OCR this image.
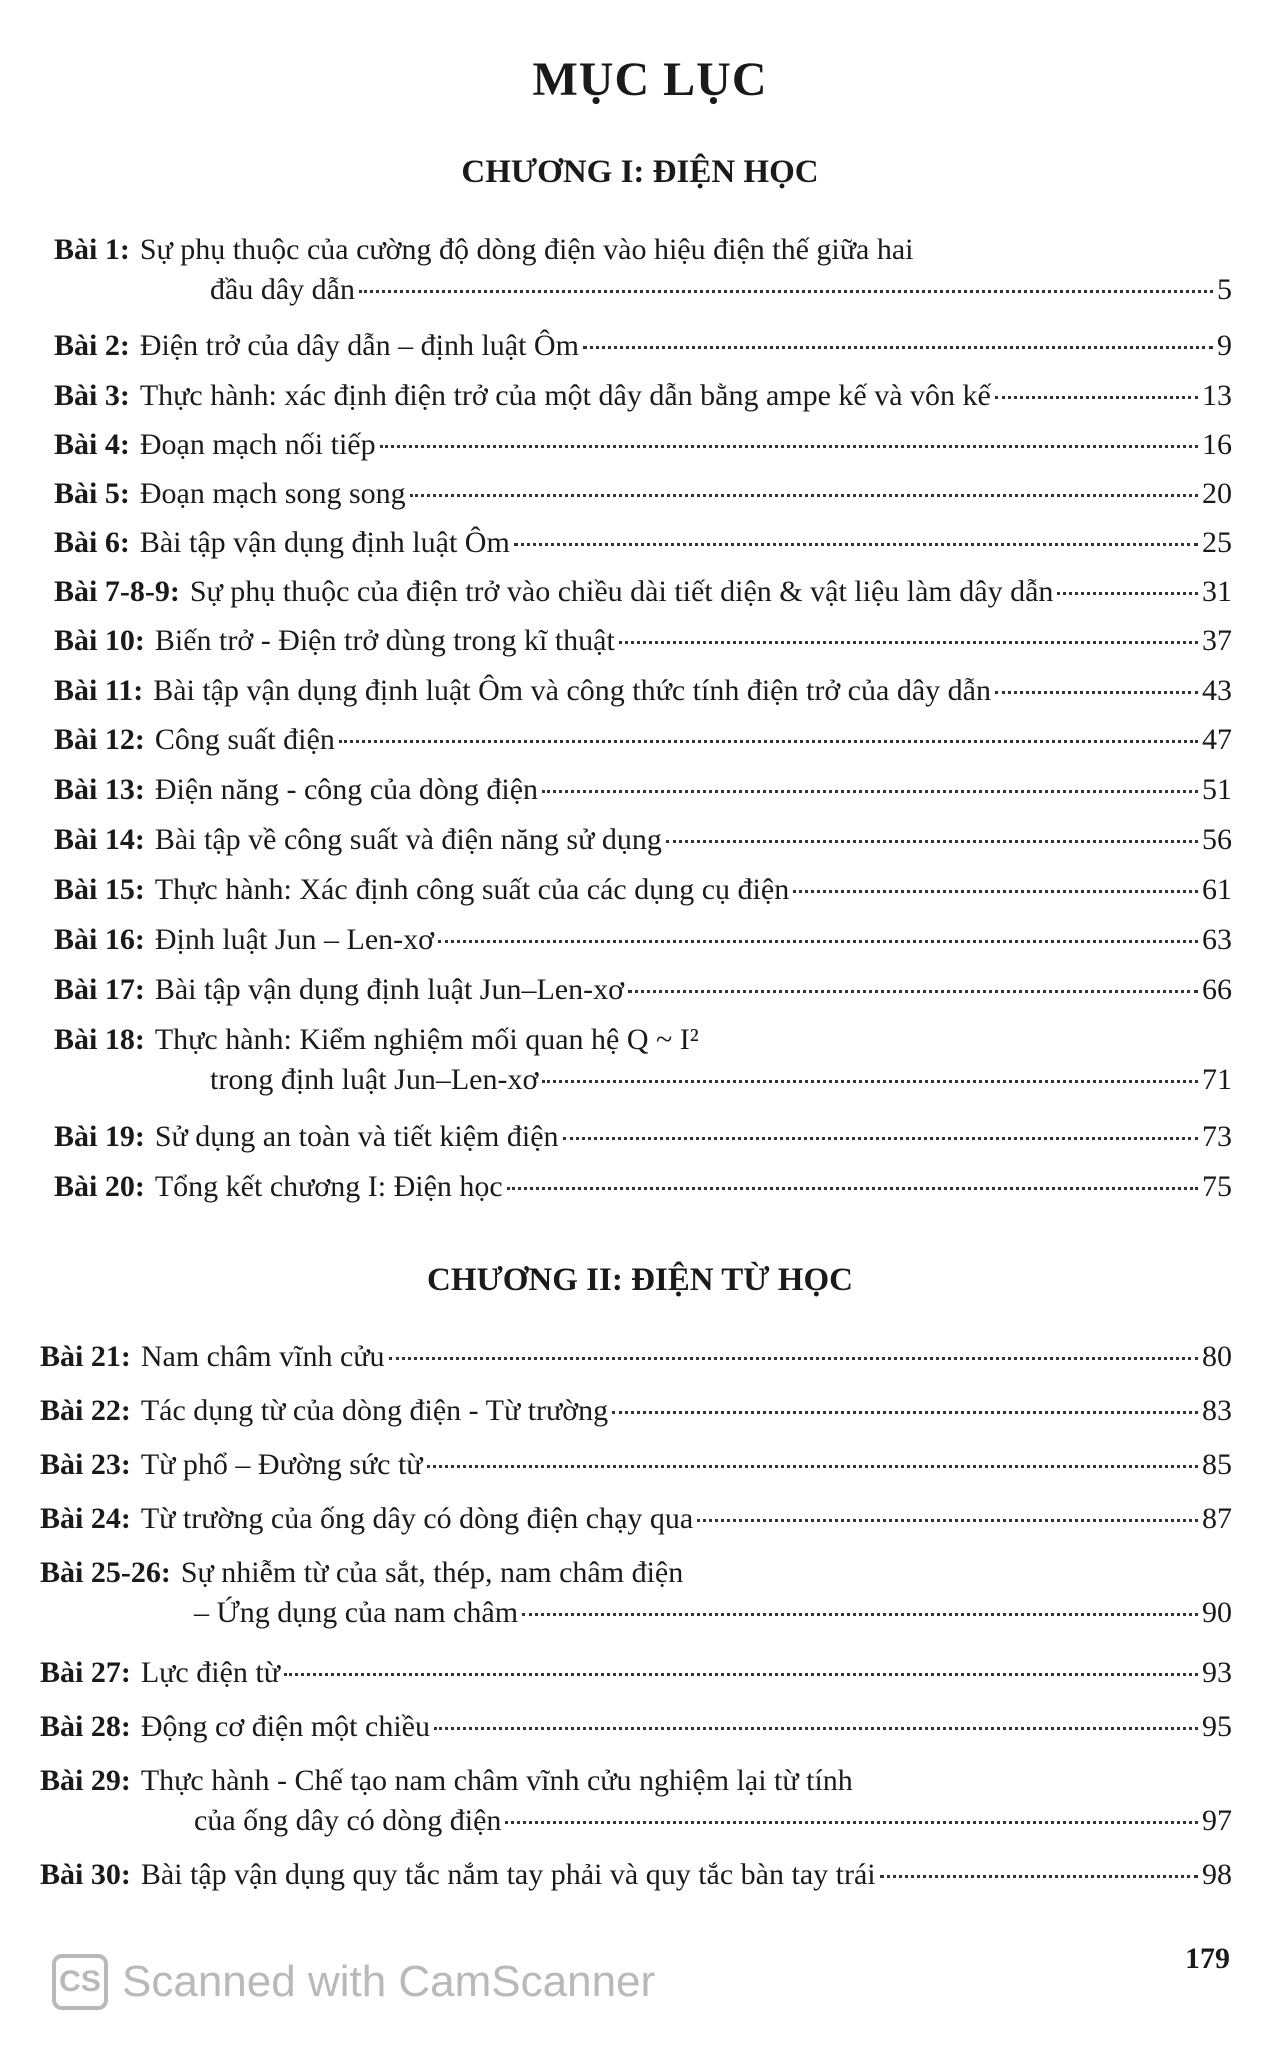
MỤC LỤC
CHƯƠNG I: ĐIỆN HỌC
Bài 1: Sự phụ thuộc của cường độ dòng điện vào hiệu điện thế giữa hai
đầu dây dẫn	5
Bài 2: Điện trở của dây dẫn – định luật Ôm	9
Bài 3: Thực hành: xác định điện trở của một dây dẫn bằng ampe kế và vôn kế	13
Bài 4: Đoạn mạch nối tiếp	16
Bài 5: Đoạn mạch song song	20
Bài 6: Bài tập vận dụng định luật Ôm	25
Bài 7-8-9: Sự phụ thuộc của điện trở vào chiều dài tiết diện & vật liệu làm dây dẫn	31
Bài 10: Biến trở - Điện trở dùng trong kĩ thuật	37
Bài 11: Bài tập vận dụng định luật Ôm và công thức tính điện trở của dây dẫn	43
Bài 12: Công suất điện	47
Bài 13: Điện năng - công của dòng điện	51
Bài 14: Bài tập về công suất và điện năng sử dụng	56
Bài 15: Thực hành: Xác định công suất của các dụng cụ điện	61
Bài 16: Định luật Jun – Len-xơ	63
Bài 17: Bài tập vận dụng định luật Jun–Len-xơ	66
Bài 18: Thực hành: Kiểm nghiệm mối quan hệ Q ~ I²
trong định luật Jun–Len-xơ	71
Bài 19: Sử dụng an toàn và tiết kiệm điện	73
Bài 20: Tổng kết chương I: Điện học	75
CHƯƠNG II: ĐIỆN TỪ HỌC
Bài 21: Nam châm vĩnh cửu	80
Bài 22: Tác dụng từ của dòng điện - Từ trường	83
Bài 23: Từ phổ – Đường sức từ	85
Bài 24: Từ trường của ống dây có dòng điện chạy qua	87
Bài 25-26: Sự nhiễm từ của sắt, thép, nam châm điện
– Ứng dụng của nam châm	90
Bài 27: Lực điện từ	93
Bài 28: Động cơ điện một chiều	95
Bài 29: Thực hành - Chế tạo nam châm vĩnh cửu nghiệm lại từ tính
của ống dây có dòng điện	97
Bài 30: Bài tập vận dụng quy tắc nắm tay phải và quy tắc bàn tay trái	98
179
CS Scanned with CamScanner
